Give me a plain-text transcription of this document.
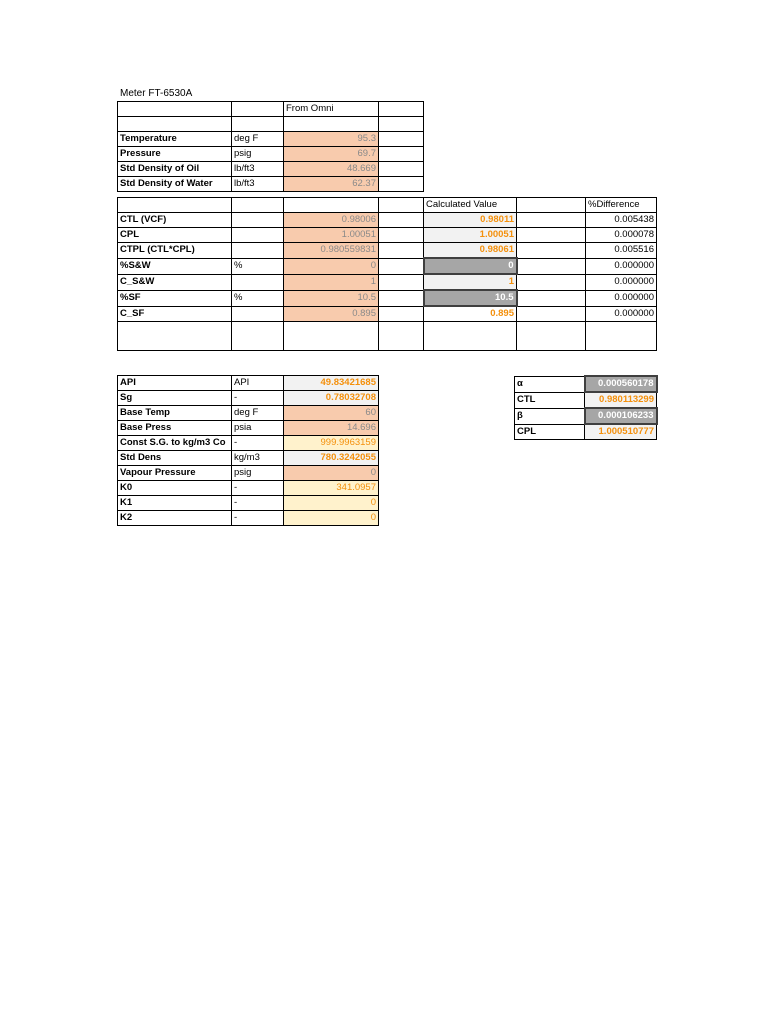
Meter FT-6530A
		From Omni	

Temperature	deg F	95.3	
Pressure	psig	69.7	
Std Density of Oil	lb/ft3	48.669	
Std Density of Water	lb/ft3	62.37	
				Calculated Value		%Difference
CTL (VCF)		0.98006		0.98011		0.005438
CPL		1.00051		1.00051		0.000078
CTPL (CTL*CPL)		0.980559831		0.98061		0.005516
%S&W	%	0		0		0.000000
C_S&W		1		1		0.000000
%SF	%	10.5		10.5		0.000000
C_SF		0.895		0.895		0.000000

API	API	49.83421685
Sg	-	0.78032708
Base Temp	deg F	60
Base Press	psia	14.696
Const S.G. to kg/m3 Co	-	999.9963159
Std Dens	kg/m3	780.3242055
Vapour Pressure	psig	0
K0	-	341.0957
K1	-	0
K2	-	0
α	0.000560178
CTL	0.980113299
β	0.000106233
CPL	1.000510777
